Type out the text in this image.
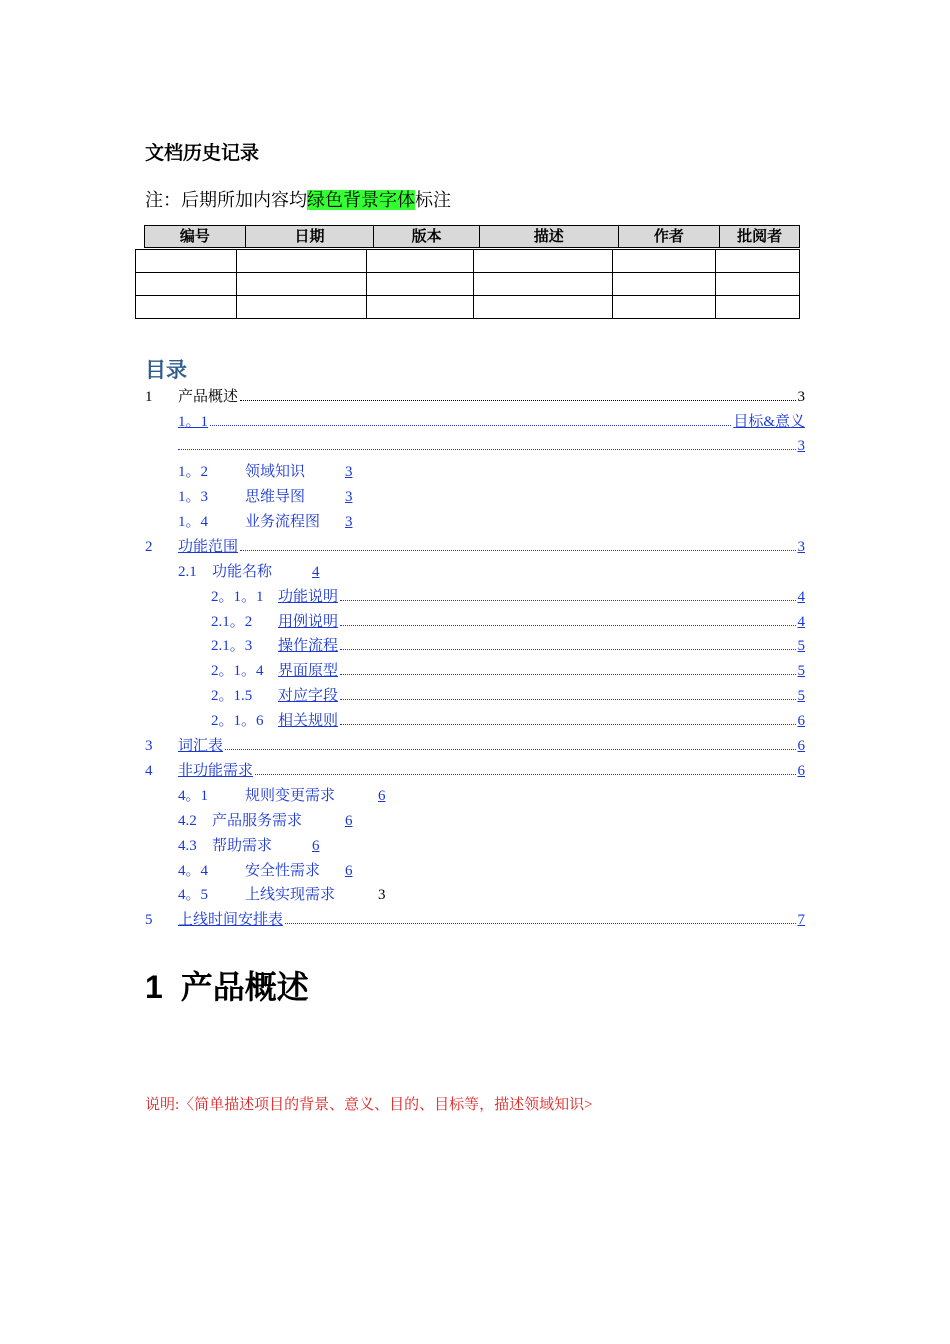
文档历史记录
注：后期所加内容均绿色背景字体标注
编号	日期	版本	描述	作者	批阅者

目录
1 产品概述	3
1。1	目标&意义
3
1。2 领域知识	3
1。3 思维导图	3
1。4 业务流程图 3
2 功能范围	3
2.1 功能名称	4
2。1。1 功能说明	4
2.1。2 用例说明	4
2.1。3 操作流程	5
2。1。4 界面原型	5
2。1.5 对应字段	5
2。1。6 相关规则	6
3 词汇表	6
4 非功能需求	6
4。1 规则变更需求	6
4.2 产品服务需求	6
4.3 帮助需求	6
4。4 安全性需求 6
4。5 上线实现需求	3
5 上线时间安排表	7
1 产品概述
说明:〈简单描述项目的背景、意义、目的、目标等，描述领域知识>
